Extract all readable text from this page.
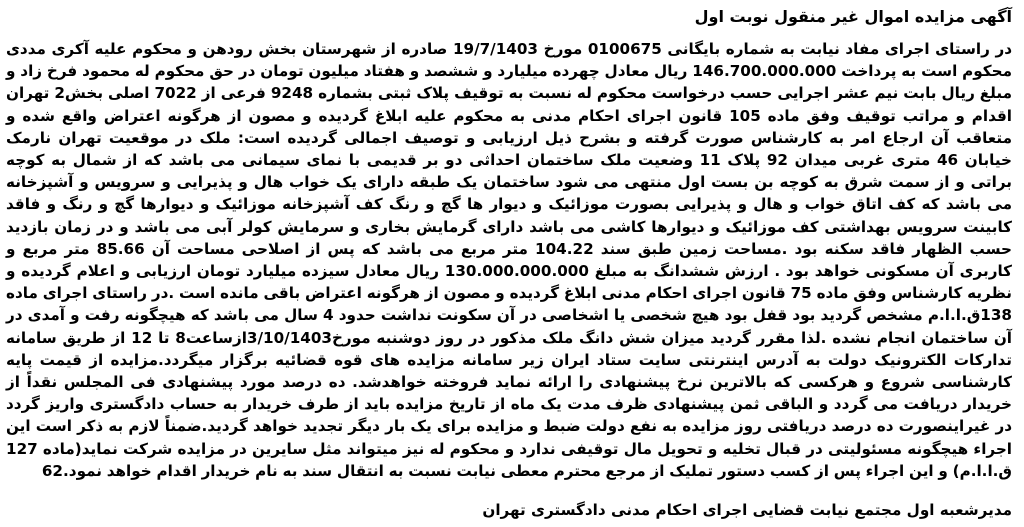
آگهی مزایده اموال غیر منقول نوبت اول
در راستای اجرای مفاد نیابت به شماره بایگانی 0100675 مورخ 19/7/1403 صادره از شهرستان بخش رودهن و محکوم علیه آکری مددی محکوم است به پرداخت 146.700.000.000 ریال معادل چهرده میلیارد و ششصد و هفتاد میلیون تومان در حق محکوم له محمود فرخ زاد و مبلغ ریال بابت نیم عشر اجرایی حسب درخواست محکوم له نسبت به توقیف پلاک ثبتی بشماره 9248 فرعی از 7022 اصلی بخش2 تهران اقدام و مراتب توقیف وفق ماده 105 قانون اجرای احکام مدنی به محکوم علیه ابلاغ گردیده و مصون از هرگونه اعتراض واقع شده و متعاقب آن ارجاع امر به کارشناس صورت گرفته و بشرح ذیل ارزیابی و توصیف اجمالی گردیده است: ملک در موقعیت تهران نارمک خیابان 46 متری غربی میدان 92 پلاک 11 وضعیت ملک ساختمان احداثی دو بر قدیمی با نمای سیمانی می باشد که از شمال به کوچه براتی و از سمت شرق به کوچه بن بست اول منتهی می شود ساختمان یک طبقه دارای یک خواب هال و پذیرایی و سرویس و آشپزخانه می باشد که کف اتاق خواب و هال و پذیرایی بصورت موزائیک و دیوار ها گچ و رنگ کف آشپزخانه موزائیک و دیوارها گچ و رنگ و فاقد کابینت سرویس بهداشتی کف موزائیک و دیوارها کاشی می باشد دارای گرمایش بخاری و سرمایش کولر آبی می باشد و در زمان بازدید حسب الظهار فاقد سکنه بود .مساحت زمین طبق سند 104.22 متر مربع می باشد که پس از اصلاحی مساحت آن 85.66 متر مربع و کاربری آن مسکونی خواهد بود . ارزش ششدانگ به مبلغ 130.000.000.000 ریال معادل سیزده میلیارد تومان ارزیابی و اعلام گردیده و نظریه کارشناس وفق ماده 75 قانون اجرای احکام مدنی ابلاغ گردیده و مصون از هرگونه اعتراض باقی مانده است .در راستای اجرای ماده 138ق.ا.ا.م مشخص گردید بود قفل بود هیچ شخصی یا اشخاصی در آن سکونت نداشت حدود 4 سال می باشد که هیچگونه رفت و آمدی در آن ساختمان انجام نشده .لذا مقرر گردید میزان شش دانگ ملک مذکور در روز دوشنبه مورخ3/10/1403ازساعت8 تا 12 از طریق سامانه تدارکات الکترونیک دولت به آدرس اینترنتی سایت ستاد ایران زیر سامانه مزایده های قوه قضائیه برگزار میگردد.مزایده از قیمت پایه کارشناسی شروع و هرکسی که بالاترین نرخ پیشنهادی را ارائه نماید فروخته خواهدشد. ده درصد مورد پیشنهادی فی المجلس نقداً از خریدار دریافت می گردد و الباقی ثمن پیشنهادی ظرف مدت یک ماه از تاریخ مزایده باید از طرف خریدار به حساب دادگستری واریز گردد در غیراینصورت ده درصد دریافتی روز مزایده به نفع دولت ضبط و مزایده برای یک بار دیگر تجدید خواهد گردید.ضمناً لازم به ذکر است این اجراء هیچگونه مسئولیتی در قبال تخلیه و تحویل مال توقیفی ندارد و محکوم له نیز میتواند مثل سایرین در مزایده شرکت نماید(ماده 127 ق.ا.ا.م) و این اجراء پس از کسب دستور تملیک از مرجع محترم معطی نیابت نسبت به انتقال سند به نام خریدار اقدام خواهد نمود.62
مدیرشعبه اول مجتمع نیابت قضایی اجرای احکام مدنی دادگستری تهران
